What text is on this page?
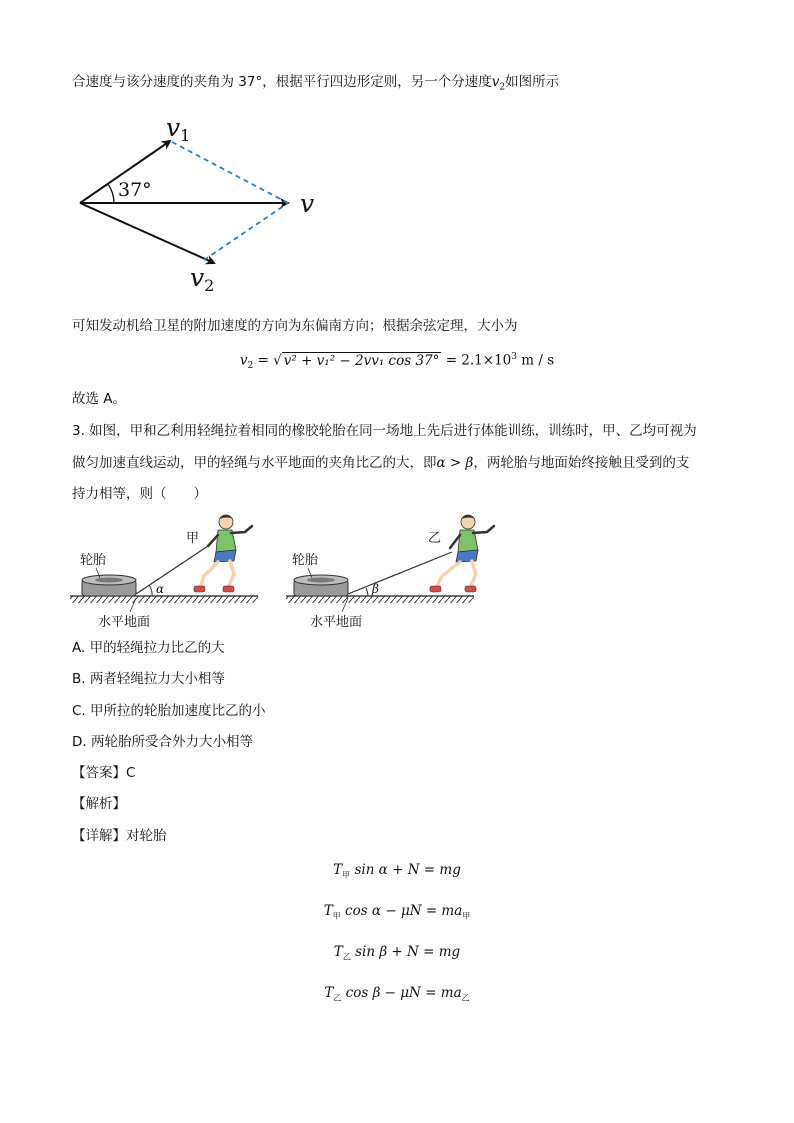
合速度与该分速度的夹角为 37°，根据平行四边形定则，另一个分速度$v_2$如图所示
37°
$v_1$
v
$v_2$
可知发动机给卫星的附加速度的方向为东偏南方向；根据余弦定理，大小为
$v_2$ = √ v² + v₁² − 2vv₁ $\cos 37^\circ = 2.1\times 10^3$ m / s
故选 A。
3. 如图，甲和乙利用轻绳拉着相同的橡胶轮胎在同一场地上先后进行体能训练，训练时，甲、乙均可视为
做匀加速直线运动，甲的轻绳与水平地面的夹角比乙的大，即α > β，两轮胎与地面始终接触且受到的支
持力相等，则（　　）
α
轮胎
甲
水平地面
β
轮胎
乙
水平地面
A. 甲的轻绳拉力比乙的大
B. 两者轻绳拉力大小相等
C. 甲所拉的轮胎加速度比乙的小
D. 两轮胎所受合外力大小相等
【答案】C
【解析】
【详解】对轮胎
$T_甲$ sin α + N = mg
$T_甲$ $\cos \alpha - \mu N = ma_甲$
$T_乙$ sin β + N = mg
$T_乙$ $\cos \beta - \mu N = ma_乙$
